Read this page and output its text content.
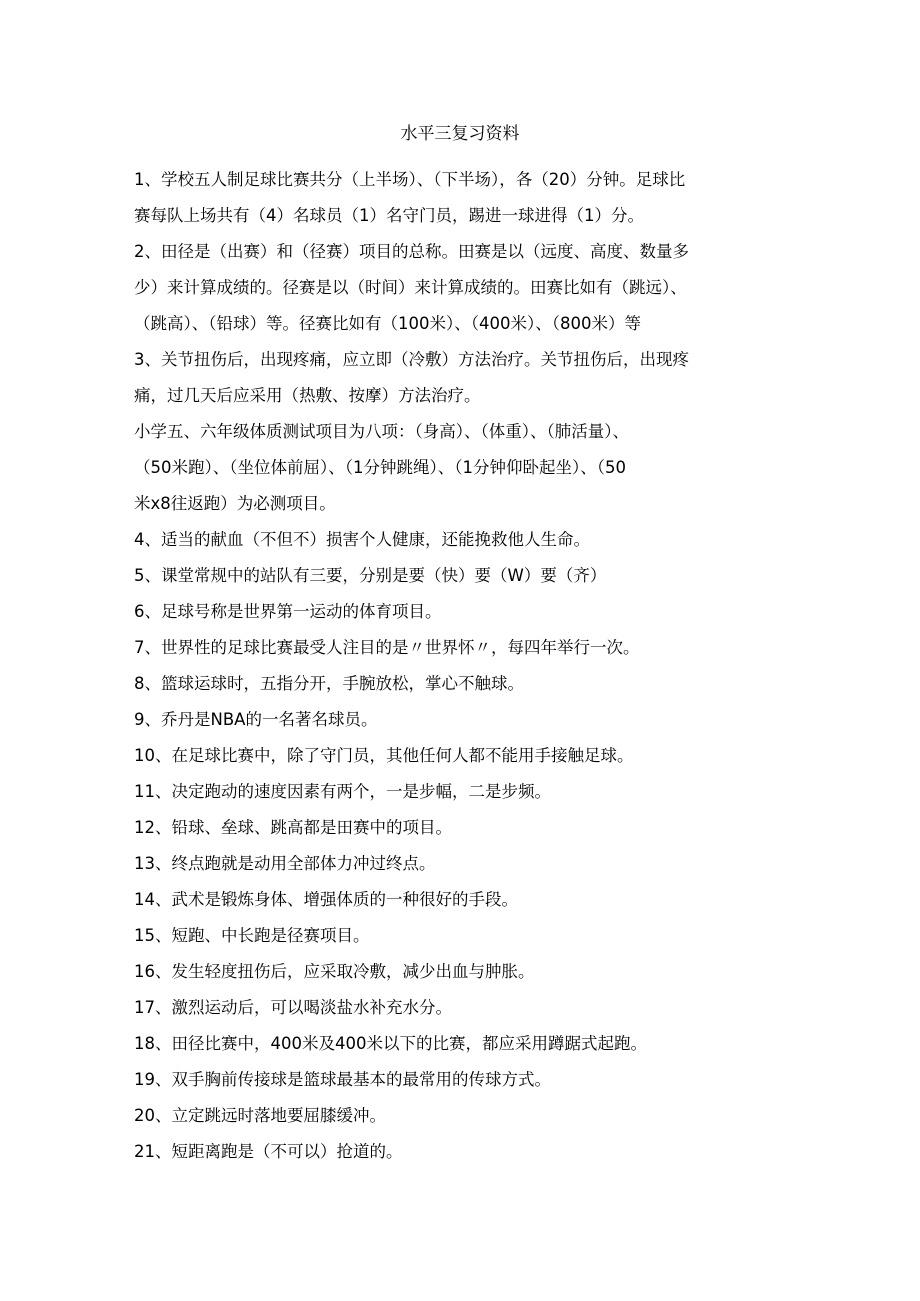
水平三复习资料
1、学校五人制足球比赛共分（上半场）、（下半场），各（20）分钟。足球比
赛每队上场共有（4）名球员（1）名守门员，踢进一球进得（1）分。
2、田径是（出赛）和（径赛）项目的总称。田赛是以（远度、高度、数量多
少）来计算成绩的。径赛是以（时间）来计算成绩的。田赛比如有（跳远）、
（跳高）、（铅球）等。径赛比如有（100米）、（400米）、（800米）等
3、关节扭伤后，出现疼痛，应立即（冷敷）方法治疗。关节扭伤后，出现疼
痛，过几天后应采用（热敷、按摩）方法治疗。
小学五、六年级体质测试项目为八项：（身高）、（体重）、（肺活量）、
（50米跑）、（坐位体前屈）、（1分钟跳绳）、（1分钟仰卧起坐）、（50
米x8往返跑）为必测项目。
4、适当的献血（不但不）损害个人健康，还能挽救他人生命。
5、课堂常规中的站队有三要，分别是要（快）要（W）要（齐）
6、足球号称是世界第一运动的体育项目。
7、世界性的足球比赛最受人注目的是〃世界怀〃，每四年举行一次。
8、篮球运球时，五指分开，手腕放松，掌心不触球。
9、乔丹是NBA的一名著名球员。
10、在足球比赛中，除了守门员，其他任何人都不能用手接触足球。
11、决定跑动的速度因素有两个，一是步幅，二是步频。
12、铅球、垒球、跳高都是田赛中的项目。
13、终点跑就是动用全部体力冲过终点。
14、武术是锻炼身体、增强体质的一种很好的手段。
15、短跑、中长跑是径赛项目。
16、发生轻度扭伤后，应采取冷敷，减少出血与肿胀。
17、激烈运动后，可以喝淡盐水补充水分。
18、田径比赛中，400米及400米以下的比赛，都应采用蹲踞式起跑。
19、双手胸前传接球是篮球最基本的最常用的传球方式。
20、立定跳远时落地要屈膝缓冲。
21、短距离跑是（不可以）抢道的。
